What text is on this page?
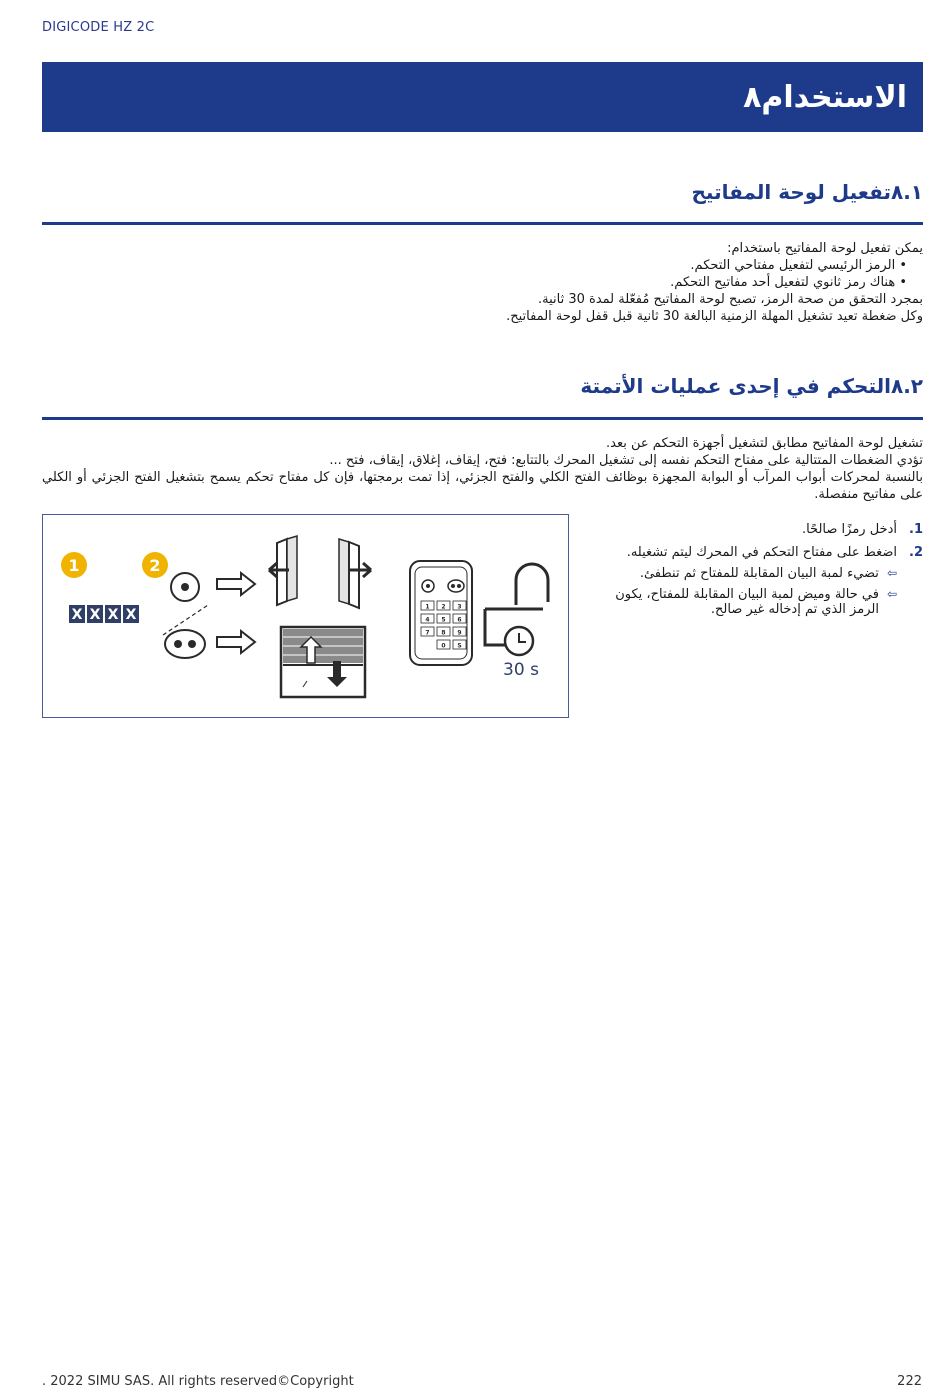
DIGICODE HZ 2C
۸الاستخدام
۸.۱تفعيل لوحة المفاتيح

يمكن تفعيل لوحة المفاتيح باستخدام:

• الرمز الرئيسي لتفعيل مفتاحي التحكم.
• هناك رمز ثانوي لتفعيل أحد مفاتيح التحكم.

بمجرد التحقق من صحة الرمز، تصبح لوحة المفاتيح مُفعّلة لمدة 30 ثانية.

وكل ضغطة تعيد تشغيل المهلة الزمنية البالغة 30 ثانية قبل قفل لوحة المفاتيح.

۸.۲التحكم في إحدى عمليات الأتمتة

تشغيل لوحة المفاتيح مطابق لتشغيل أجهزة التحكم عن بعد.

تؤدي الضغطات المتتالية على مفتاح التحكم نفسه إلى تشغيل المحرك بالتتابع: فتح، إيقاف، إغلاق، إيقاف، فتح ...

بالنسبة لمحركات أبواب المرآب أو البوابة المجهزة بوظائف الفتح الكلي والفتح الجزئي، إذا تمت برمجتها، فإن كل مفتاح تحكم يسمح بتشغيل الفتح الجزئي أو الكلي على مفاتيح منفصلة.

1.
أدخل رمزًا صالحًا.
2.
اضغط على مفتاح التحكم في المحرك ليتم تشغيله.
⇦
تضيء لمبة البيان المقابلة للمفتاح ثم تنطفئ.
⇦
في حالة وميض لمبة البيان المقابلة للمفتاح، يكون الرمز الذي تم إدخاله غير صالح.
1	2
X X X X	1 2 3
4 5 6
7 8 9
0 S
30 s
. 2022 SIMU SAS. All rights reserved©Copyright	222
